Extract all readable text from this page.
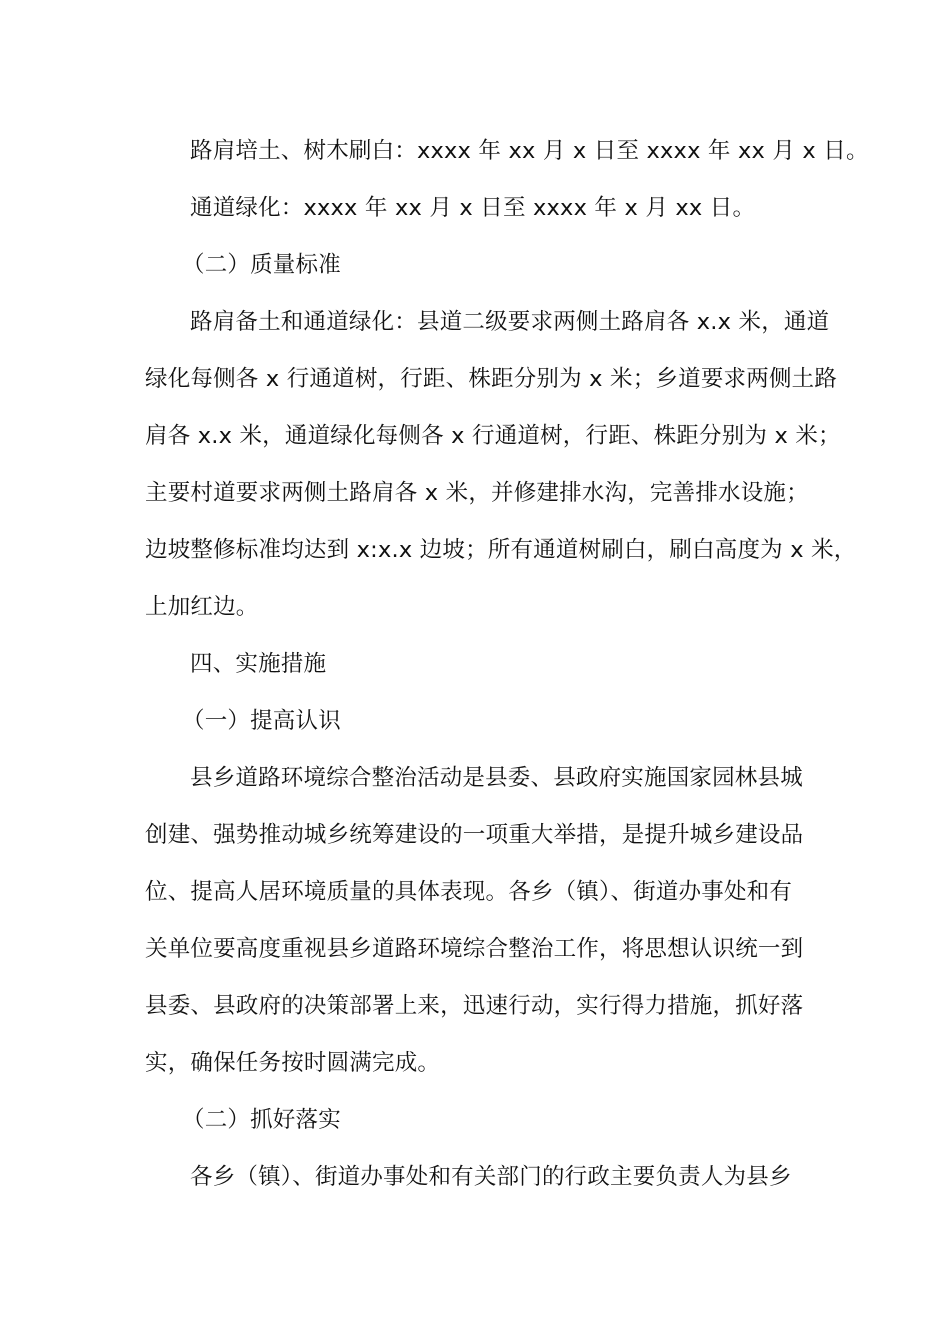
路肩培土、树木刷白：xxxx 年 xx 月 x 日至 xxxx 年 xx 月 x 日。
通道绿化：xxxx 年 xx 月 x 日至 xxxx 年 x 月 xx 日。
（二）质量标准
路肩备土和通道绿化：县道二级要求两侧土路肩各 x.x 米，通道
绿化每侧各 x 行通道树，行距、株距分别为 x 米；乡道要求两侧土路
肩各 x.x 米，通道绿化每侧各 x 行通道树，行距、株距分别为 x 米；
主要村道要求两侧土路肩各 x 米，并修建排水沟，完善排水设施；
边坡整修标准均达到 x:x.x 边坡；所有通道树刷白，刷白高度为 x 米，
上加红边。
四、实施措施
（一）提高认识
县乡道路环境综合整治活动是县委、县政府实施国家园林县城
创建、强势推动城乡统筹建设的一项重大举措，是提升城乡建设品
位、提高人居环境质量的具体表现。各乡（镇）、街道办事处和有
关单位要高度重视县乡道路环境综合整治工作，将思想认识统一到
县委、县政府的决策部署上来，迅速行动，实行得力措施，抓好落
实，确保任务按时圆满完成。
（二）抓好落实
各乡（镇）、街道办事处和有关部门的行政主要负责人为县乡
